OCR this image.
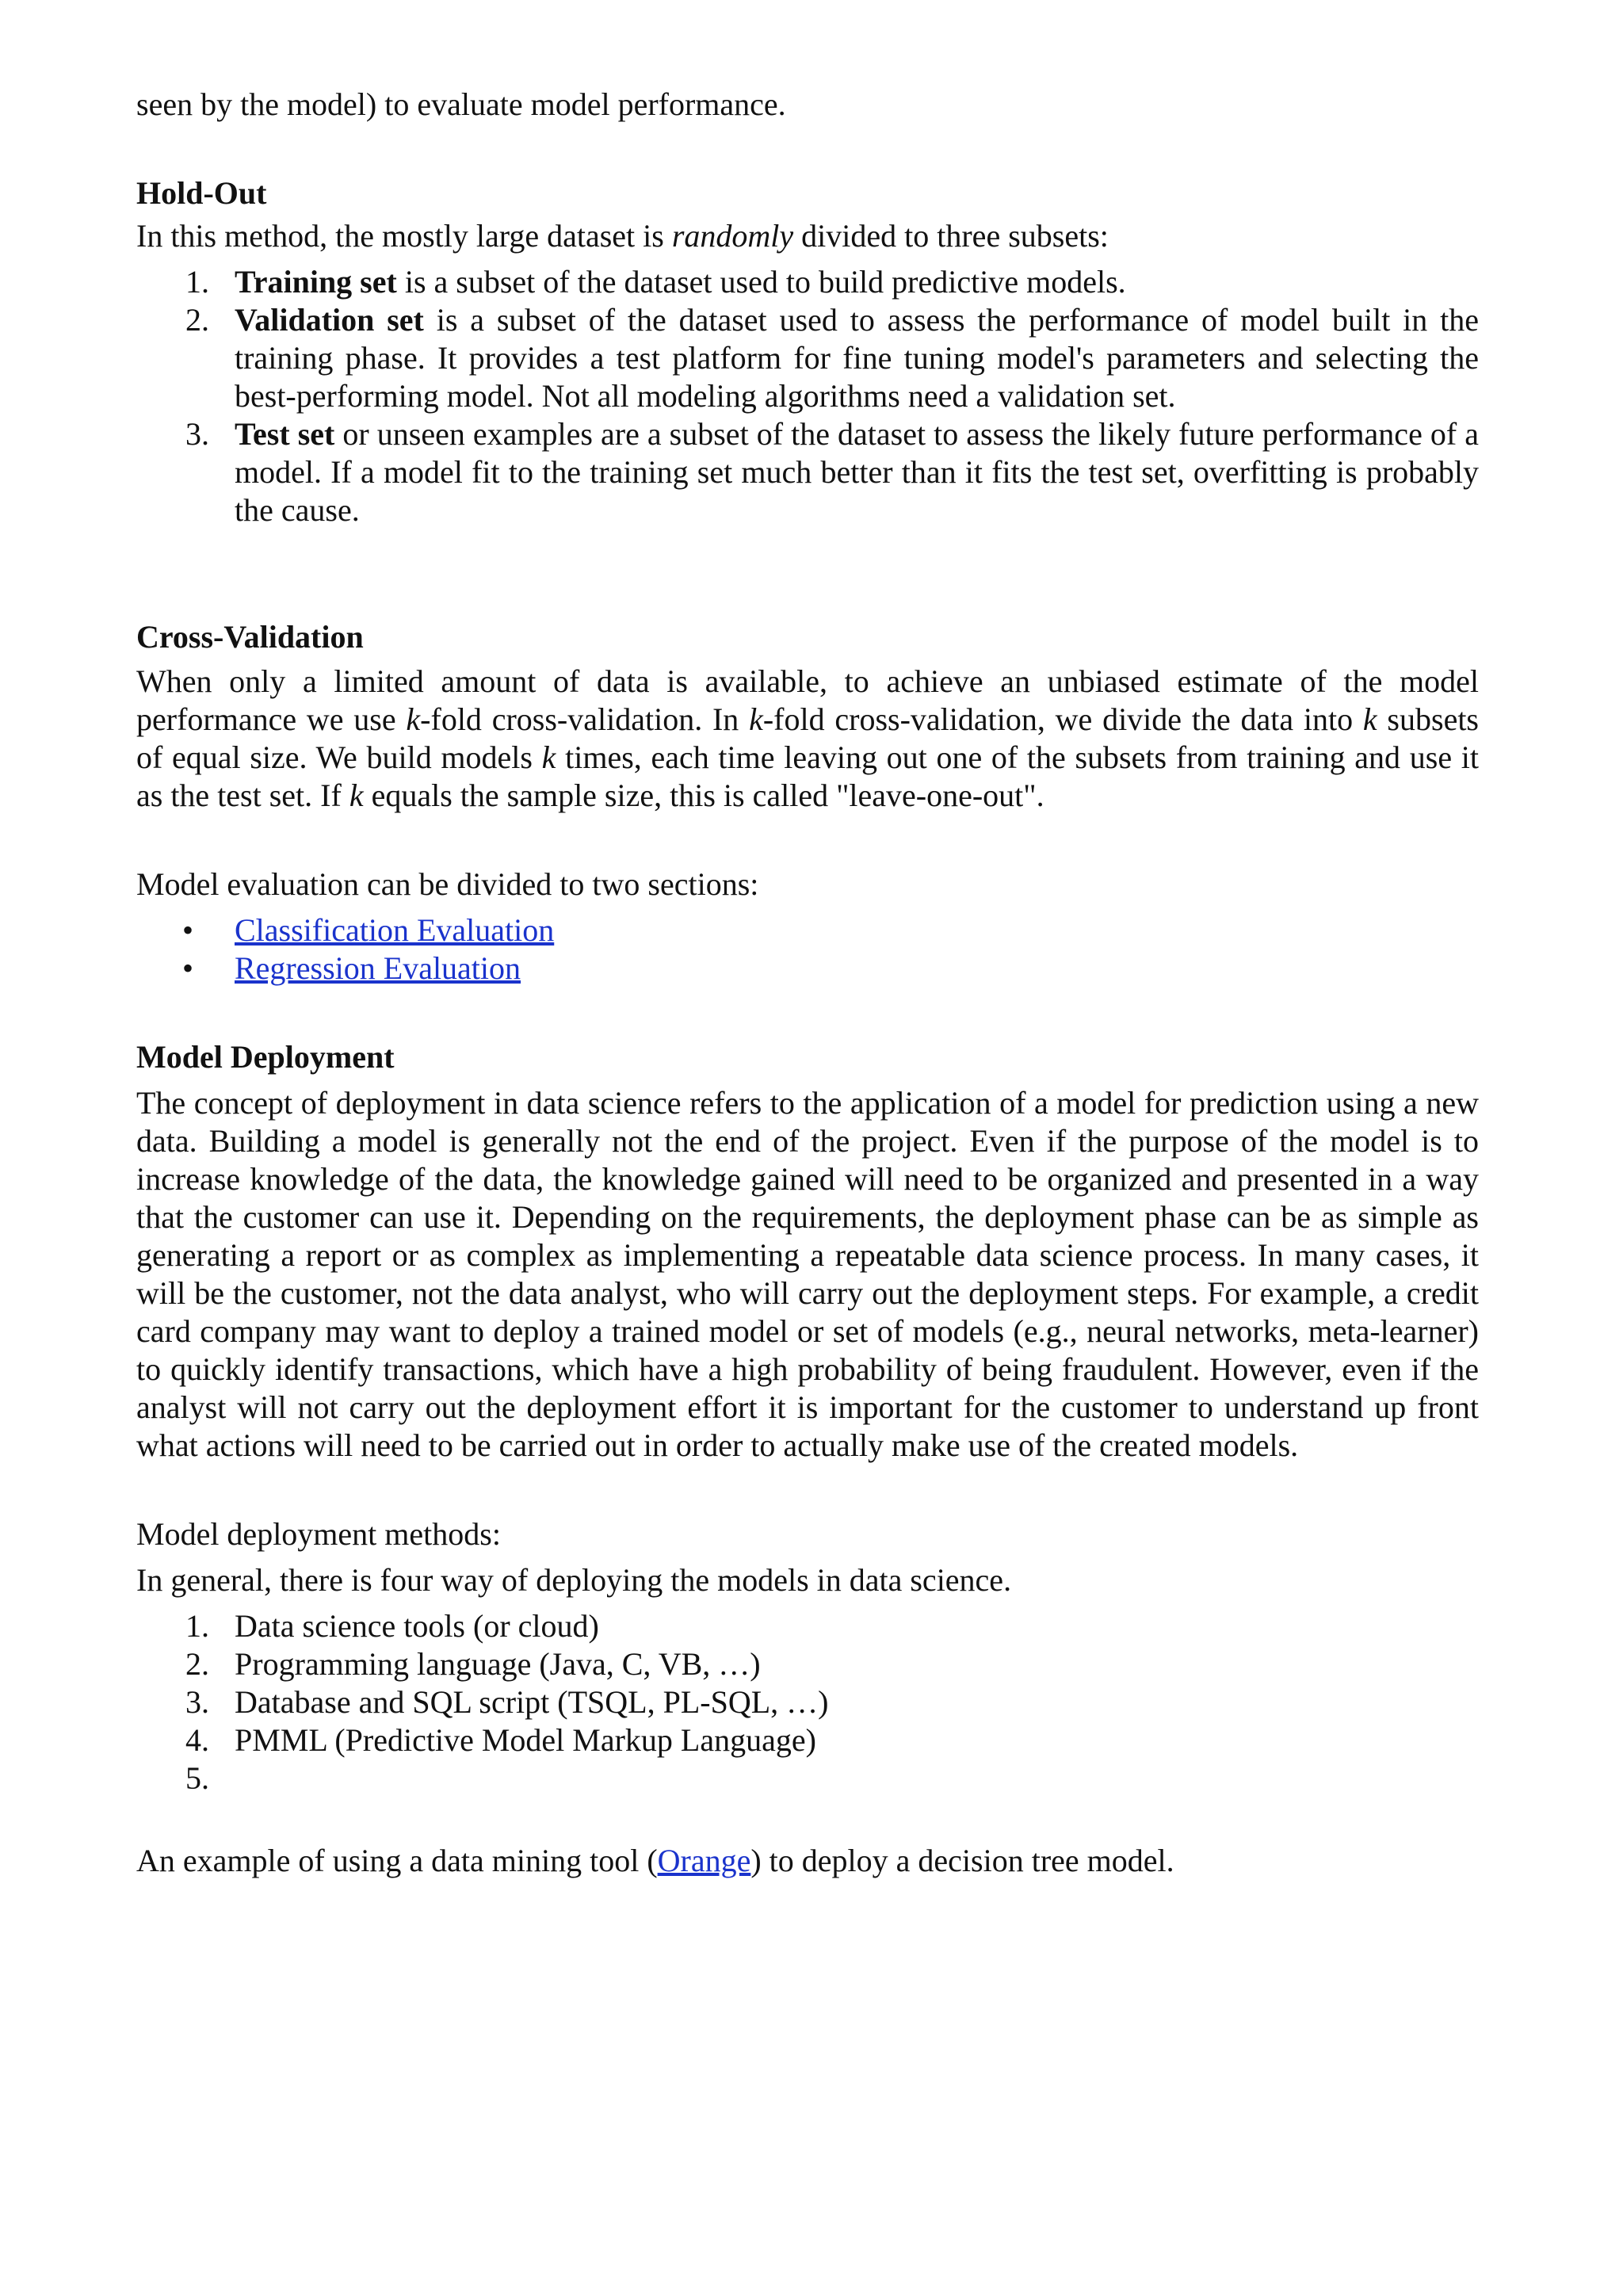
seen by the model) to evaluate model performance.

Hold-Out

In this method, the mostly large dataset is randomly divided to three subsets:

1. Training set is a subset of the dataset used to build predictive models.
2. Validation set is a subset of the dataset used to assess the performance of model built in the training phase. It provides a test platform for fine tuning model's parameters and selecting the best-performing model. Not all modeling algorithms need a validation set.
3. Test set or unseen examples are a subset of the dataset to assess the likely future performance of a model. If a model fit to the training set much better than it fits the test set, overfitting is probably the cause.

Cross-Validation

When only a limited amount of data is available, to achieve an unbiased estimate of the model performance we use k-fold cross-validation. In k-fold cross-validation, we divide the data into k subsets of equal size. We build models k times, each time leaving out one of the subsets from training and use it as the test set. If k equals the sample size, this is called "leave-one-out".

Model evaluation can be divided to two sections:

• Classification Evaluation
• Regression Evaluation

Model Deployment

The concept of deployment in data science refers to the application of a model for prediction using a new data. Building a model is generally not the end of the project. Even if the purpose of the model is to increase knowledge of the data, the knowledge gained will need to be organized and presented in a way that the customer can use it. Depending on the requirements, the deployment phase can be as simple as generating a report or as complex as implementing a repeatable data science process. In many cases, it will be the customer, not the data analyst, who will carry out the deployment steps. For example, a credit card company may want to deploy a trained model or set of models (e.g., neural networks, meta-learner) to quickly identify transactions, which have a high probability of being fraudulent. However, even if the analyst will not carry out the deployment effort it is important for the customer to understand up front what actions will need to be carried out in order to actually make use of the created models.

Model deployment methods:

In general, there is four way of deploying the models in data science.

1. Data science tools (or cloud)
2. Programming language (Java, C, VB, …)
3. Database and SQL script (TSQL, PL-SQL, …)
4. PMML (Predictive Model Markup Language)
5.

An example of using a data mining tool (Orange) to deploy a decision tree model.
